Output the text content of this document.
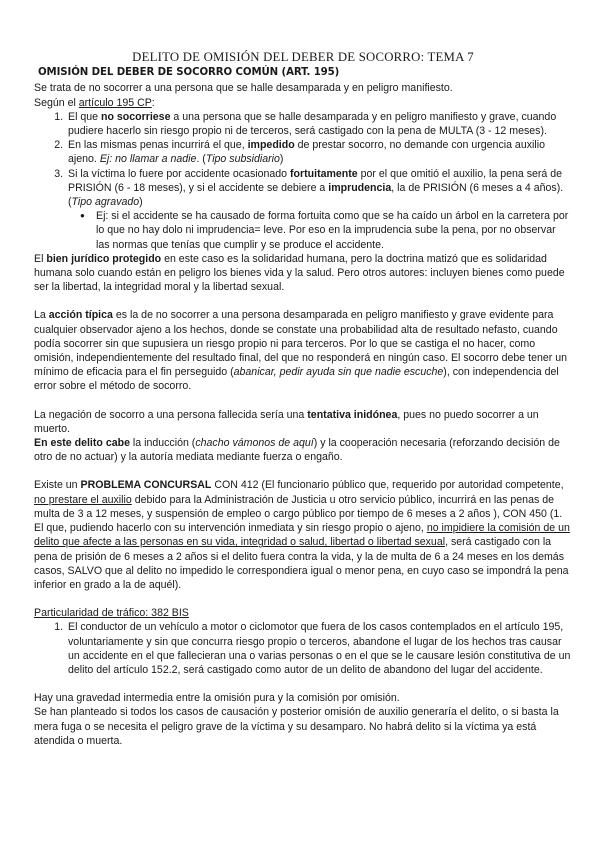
DELITO DE OMISIÓN DEL DEBER DE SOCORRO: TEMA 7
OMISIÓN DEL DEBER DE SOCORRO COMÚN (ART. 195)

Se trata de no socorrer a una persona que se halle desamparada y en peligro manifiesto.

Según el artículo 195 CP:

1. El que no socorriese a una persona que se halle desamparada y en peligro manifiesto y grave, cuando pudiere hacerlo sin riesgo propio ni de terceros, será castigado con la pena de MULTA (3 - 12 meses).
2. En las mismas penas incurrirá el que, impedido de prestar socorro, no demande con urgencia auxilio ajeno. Ej: no llamar a nadie. (Tipo subsidiario)
3. Si la víctima lo fuere por accidente ocasionado fortuitamente por el que omitió el auxilio, la pena será de PRISIÓN (6 - 18 meses), y si el accidente se debiere a imprudencia, la de PRISIÓN (6 meses a 4 años). (Tipo agravado)
● Ej: si el accidente se ha causado de forma fortuita como que se ha caído un árbol en la carretera por lo que no hay dolo ni imprudencia= leve. Por eso en la imprudencia sube la pena, por no observar las normas que tenías que cumplir y se produce el accidente.

El bien jurídico protegido en este caso es la solidaridad humana, pero la doctrina matizó que es solidaridad humana solo cuando están en peligro los bienes vida y la salud. Pero otros autores: incluyen bienes como puede ser la libertad, la integridad moral y la libertad sexual.

La acción típica es la de no socorrer a una persona desamparada en peligro manifiesto y grave evidente para cualquier observador ajeno a los hechos, donde se constate una probabilidad alta de resultado nefasto, cuando podía socorrer sin que supusiera un riesgo propio ni para terceros. Por lo que se castiga el no hacer, como omisión, independientemente del resultado final, del que no responderá en ningún caso. El socorro debe tener un mínimo de eficacia para el fin perseguido (abanicar, pedir ayuda sin que nadie escuche), con independencia del error sobre el método de socorro.

La negación de socorro a una persona fallecida sería una tentativa inidónea, pues no puedo socorrer a un muerto.

En este delito cabe la inducción (chacho vámonos de aquí) y la cooperación necesaria (reforzando decisión de otro de no actuar) y la autoría mediata mediante fuerza o engaño.

Existe un PROBLEMA CONCURSAL CON 412 (El funcionario público que, requerido por autoridad competente, no prestare el auxilio debido para la Administración de Justicia u otro servicio público, incurrirá en las penas de multa de 3 a 12 meses, y suspensión de empleo o cargo público por tiempo de 6 meses a 2 años ), CON 450 (1. El que, pudiendo hacerlo con su intervención inmediata y sin riesgo propio o ajeno, no impidiere la comisión de un delito que afecte a las personas en su vida, integridad o salud, libertad o libertad sexual, será castigado con la pena de prisión de 6 meses a 2 años si el delito fuera contra la vida, y la de multa de 6 a 24 meses en los demás casos, SALVO que al delito no impedido le correspondiera igual o menor pena, en cuyo caso se impondrá la pena inferior en grado a la de aquél).

Particularidad de tráfico: 382 BIS

1. El conductor de un vehículo a motor o ciclomotor que fuera de los casos contemplados en el artículo 195, voluntariamente y sin que concurra riesgo propio o terceros, abandone el lugar de los hechos tras causar un accidente en el que fallecieran una o varias personas o en el que se le causare lesión constitutiva de un delito del artículo 152.2, será castigado como autor de un delito de abandono del lugar del accidente.

Hay una gravedad intermedia entre la omisión pura y la comisión por omisión.

Se han planteado si todos los casos de causación y posterior omisión de auxilio generaría el delito, o si basta la mera fuga o se necesita el peligro grave de la víctima y su desamparo. No habrá delito si la víctima ya está atendida o muerta.
